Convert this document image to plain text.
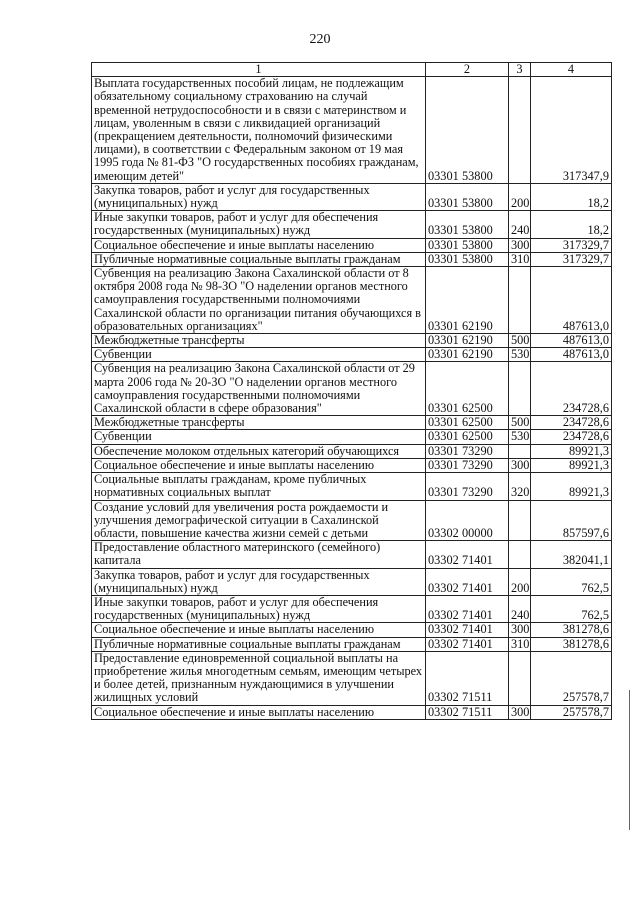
220
1	2	3	4
Выплата государственных пособий лицам, не подлежащим обязательному социальному страхованию на случай временной нетрудоспособности и в связи с материнством и лицам, уволенным в связи с ликвидацией организаций (прекращением деятельности, полномочий физическими лицами), в соответствии с Федеральным законом от 19 мая 1995 года № 81-ФЗ "О государственных пособиях гражданам, имеющим детей"	03301 53800		317347,9
Закупка товаров, работ и услуг для государственных (муниципальных) нужд	03301 53800	200	18,2
Иные закупки товаров, работ и услуг для обеспечения государственных (муниципальных) нужд	03301 53800	240	18,2
Социальное обеспечение и иные выплаты населению	03301 53800	300	317329,7
Публичные нормативные социальные выплаты гражданам	03301 53800	310	317329,7
Субвенция на реализацию Закона Сахалинской области от 8 октября 2008 года № 98-ЗО "О наделении органов местного самоуправления государственными полномочиями Сахалинской области по организации питания обучающихся в образовательных организациях"	03301 62190		487613,0
Межбюджетные трансферты	03301 62190	500	487613,0
Субвенции	03301 62190	530	487613,0
Субвенция на реализацию Закона Сахалинской области от 29 марта 2006 года № 20-ЗО "О наделении органов местного самоуправления государственными полномочиями Сахалинской области в сфере образования"	03301 62500		234728,6
Межбюджетные трансферты	03301 62500	500	234728,6
Субвенции	03301 62500	530	234728,6
Обеспечение молоком отдельных категорий обучающихся	03301 73290		89921,3
Социальное обеспечение и иные выплаты населению	03301 73290	300	89921,3
Социальные выплаты гражданам, кроме публичных нормативных социальных выплат	03301 73290	320	89921,3
Создание условий для увеличения роста рождаемости и улучшения демографической ситуации в Сахалинской области, повышение качества жизни семей с детьми	03302 00000		857597,6
Предоставление областного материнского (семейного) капитала	03302 71401		382041,1
Закупка товаров, работ и услуг для государственных (муниципальных) нужд	03302 71401	200	762,5
Иные закупки товаров, работ и услуг для обеспечения государственных (муниципальных) нужд	03302 71401	240	762,5
Социальное обеспечение и иные выплаты населению	03302 71401	300	381278,6
Публичные нормативные социальные выплаты гражданам	03302 71401	310	381278,6
Предоставление единовременной социальной выплаты на приобретение жилья многодетным семьям, имеющим четырех и более детей, признанным нуждающимися в улучшении жилищных условий	03302 71511		257578,7
Социальное обеспечение и иные выплаты населению	03302 71511	300	257578,7
